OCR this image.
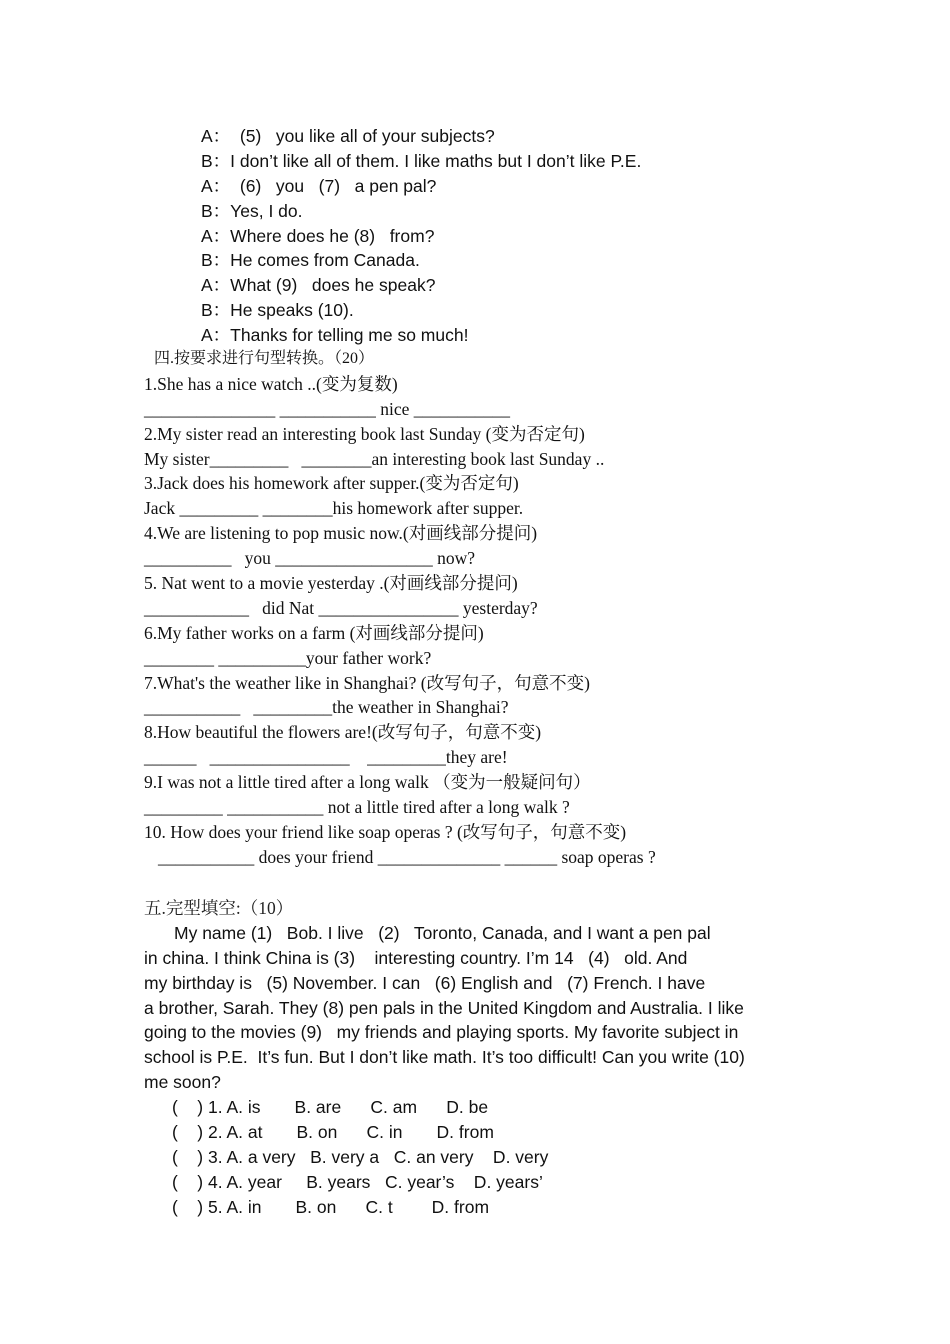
A：  (5)   you like all of your subjects?
B：I don’t like all of them. I like maths but I don’t like P.E.
A：  (6)   you   (7)   a pen pal?
B：Yes, I do.
A：Where does he (8)   from?
B：He comes from Canada.
A：What (9)   does he speak?
B：He speaks (10).
A：Thanks for telling me so much!
四.按要求进行句型转换。（20）
1.She has a nice watch ..(变为复数)
_______________ ___________ nice ___________
2.My sister read an interesting book last Sunday (变为否定句)
My sister_________   ________an interesting book last Sunday ..
3.Jack does his homework after supper.(变为否定句)
Jack _________ ________his homework after supper.
4.We are listening to pop music now.(对画线部分提问)
__________   you __________________ now?
5. Nat went to a movie yesterday .(对画线部分提问)
____________   did Nat ________________ yesterday?
6.My father works on a farm (对画线部分提问)
________ __________your father work?
7.What's the weather like in Shanghai? (改写句子，句意不变)
___________   _________the weather in Shanghai?
8.How beautiful the flowers are!(改写句子，句意不变)
______   ________________    _________they are!
9.I was not a little tired after a long walk （变为一般疑问句）
_________ ___________ not a little tired after a long walk ?
10. How does your friend like soap operas ? (改写句子，句意不变)
___________ does your friend ______________ ______ soap operas ?
五.完型填空:（10）
My name (1)   Bob. I live   (2)   Toronto, Canada, and I want a pen pal
in china. I think China is (3)    interesting country. I’m 14   (4)   old. And
my birthday is   (5) November. I can   (6) English and   (7) French. I have
a brother, Sarah. They (8) pen pals in the United Kingdom and Australia. I like
going to the movies (9)   my friends and playing sports. My favorite subject in
school is P.E.  It’s fun. But I don’t like math. It’s too difficult! Can you write (10)
me soon?
(    ) 1. A. is       B. are      C. am      D. be
(    ) 2. A. at       B. on      C. in       D. from
(    ) 3. A. a very   B. very a   C. an very    D. very
(    ) 4. A. year     B. years   C. year’s    D. years’
(    ) 5. A. in       B. on      C. t        D. from
